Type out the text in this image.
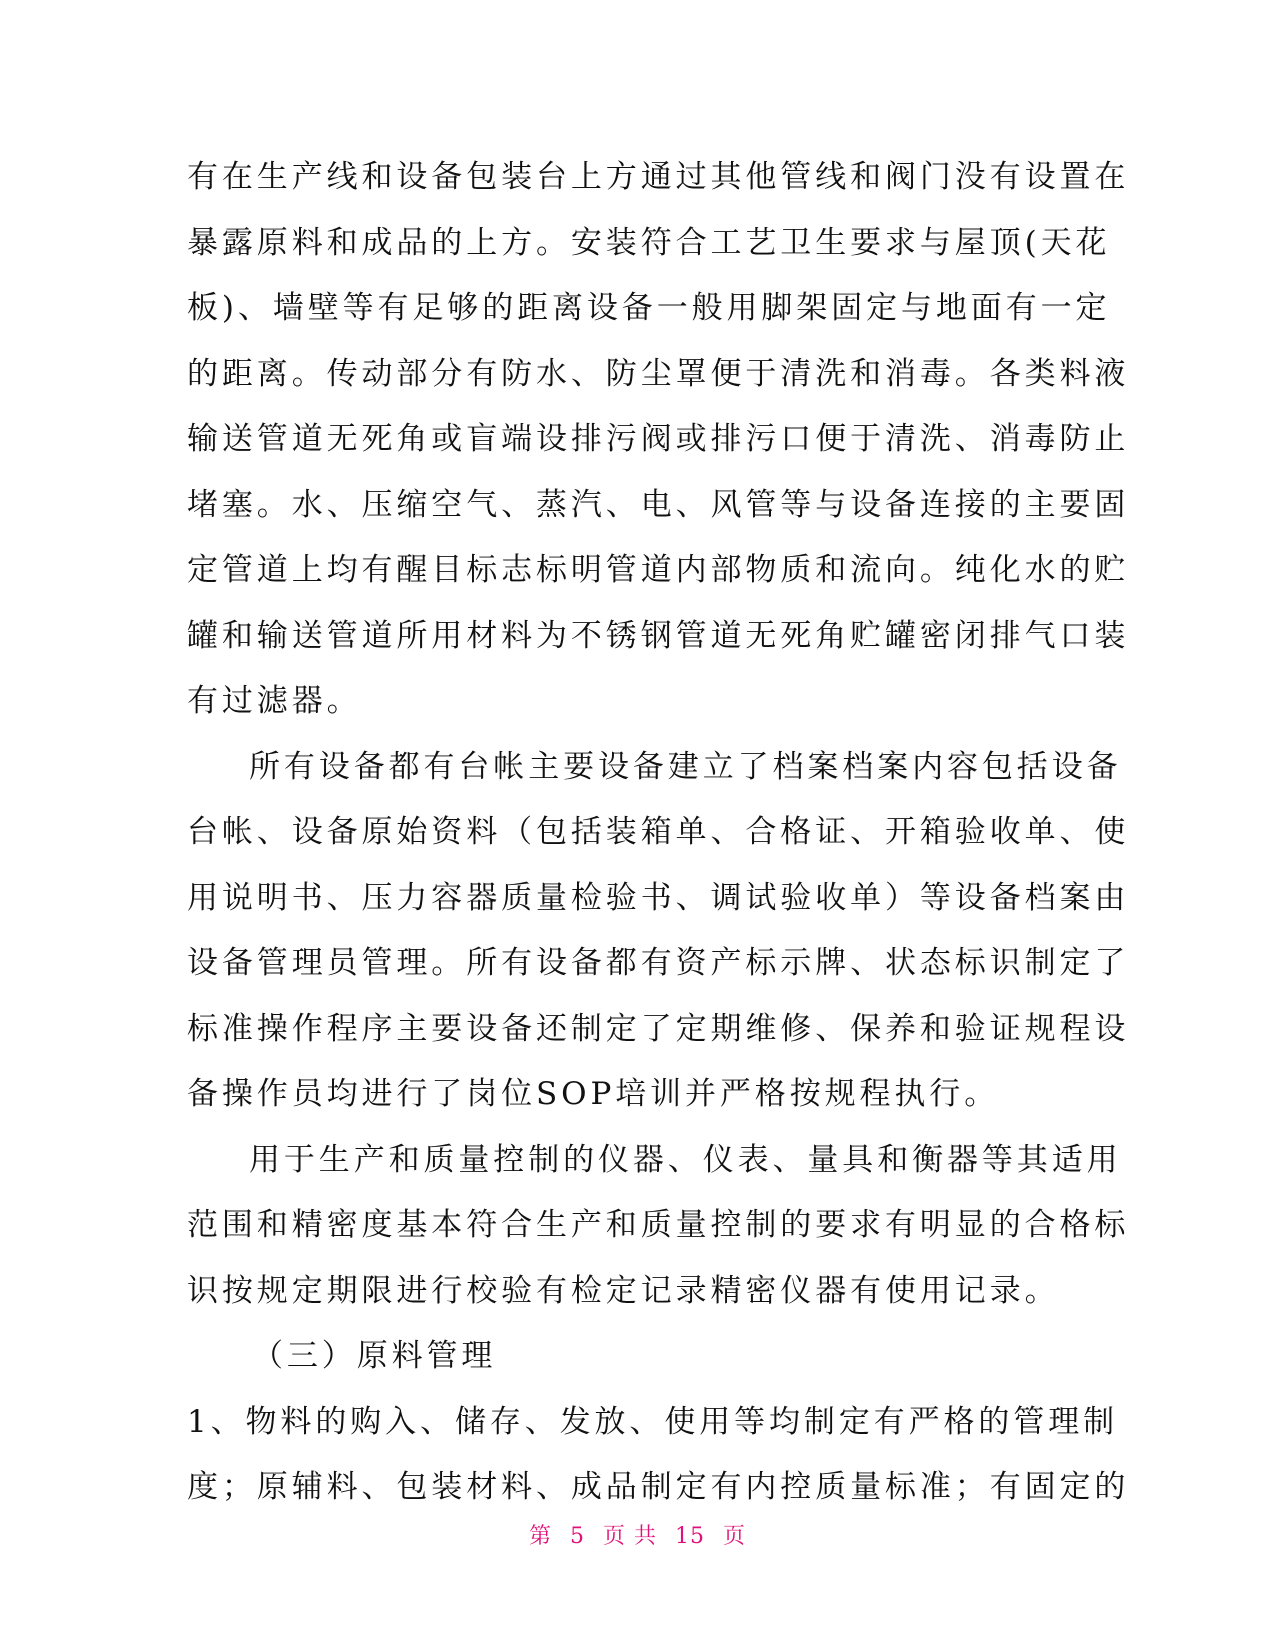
有在生产线和设备包装台上方通过其他管线和阀门没有设置在
暴露原料和成品的上方。安装符合工艺卫生要求与屋顶(天花
板)、墙壁等有足够的距离设备一般用脚架固定与地面有一定
的距离。传动部分有防水、防尘罩便于清洗和消毒。各类料液
输送管道无死角或盲端设排污阀或排污口便于清洗、消毒防止
堵塞。水、压缩空气、蒸汽、电、风管等与设备连接的主要固
定管道上均有醒目标志标明管道内部物质和流向。纯化水的贮
罐和输送管道所用材料为不锈钢管道无死角贮罐密闭排气口装
有过滤器。
所有设备都有台帐主要设备建立了档案档案内容包括设备
台帐、设备原始资料（包括装箱单、合格证、开箱验收单、使
用说明书、压力容器质量检验书、调试验收单）等设备档案由
设备管理员管理。所有设备都有资产标示牌、状态标识制定了
标准操作程序主要设备还制定了定期维修、保养和验证规程设
备操作员均进行了岗位SOP培训并严格按规程执行。
用于生产和质量控制的仪器、仪表、量具和衡器等其适用
范围和精密度基本符合生产和质量控制的要求有明显的合格标
识按规定期限进行校验有检定记录精密仪器有使用记录。
（三）原料管理
1、物料的购入、储存、发放、使用等均制定有严格的管理制
度；原辅料、包装材料、成品制定有内控质量标准；有固定的
第 5 页 共 15 页
